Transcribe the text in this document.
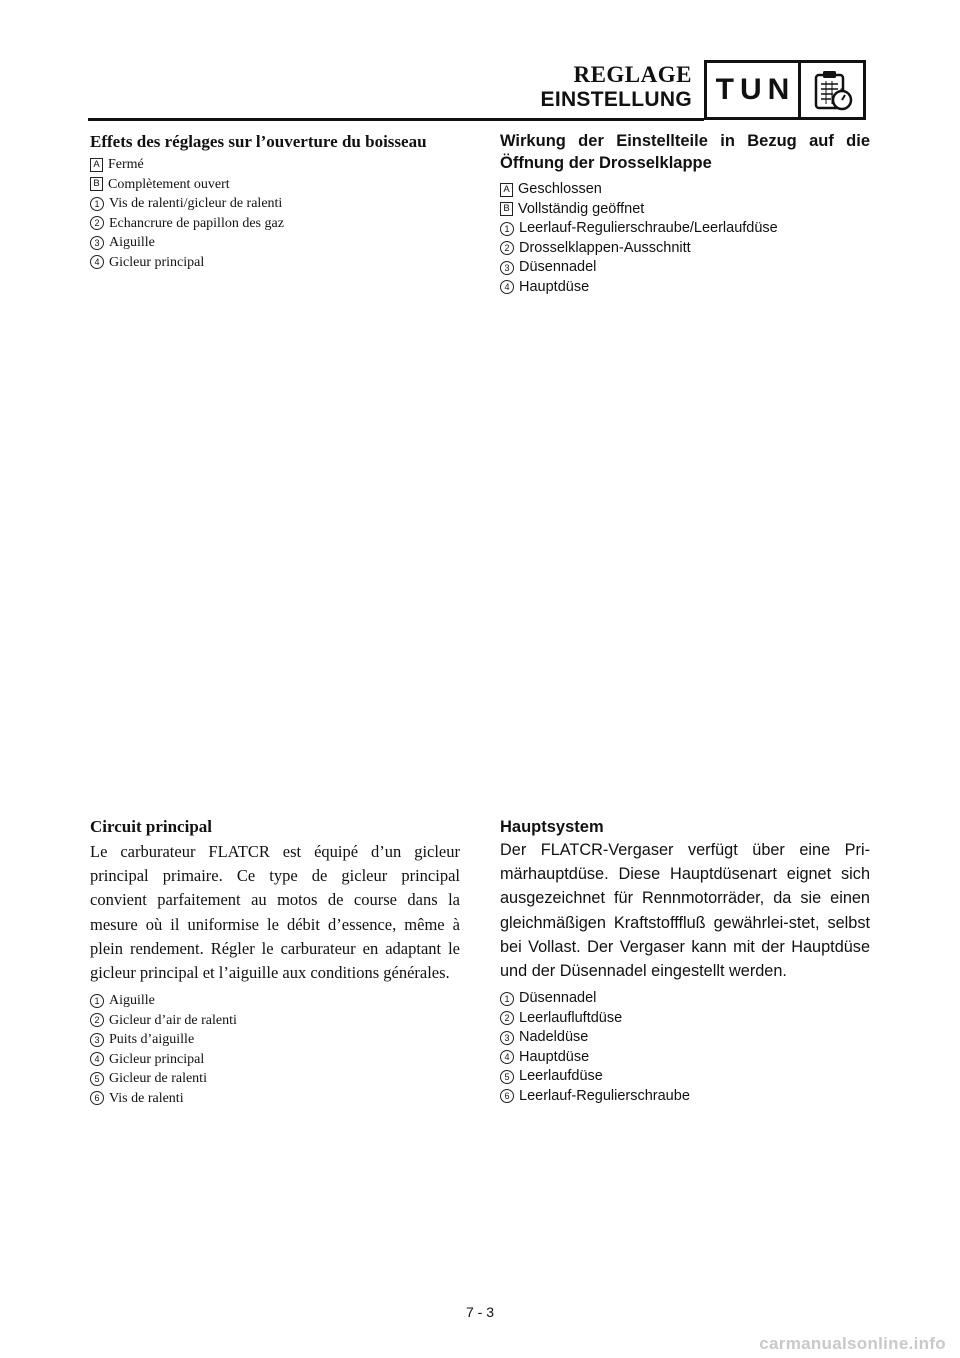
REGLAGE
EINSTELLUNG TUN
Effets des réglages sur l’ouverture du boisseau
A Fermé
B Complètement ouvert
1 Vis de ralenti/gicleur de ralenti
2 Echancrure de papillon des gaz
3 Aiguille
4 Gicleur principal
Wirkung der Einstellteile in Bezug auf die Öffnung der Drosselklappe
A Geschlossen
B Vollständig geöffnet
1 Leerlauf-Regulierschraube/Leerlaufdüse
2 Drosselklappen-Ausschnitt
3 Düsennadel
4 Hauptdüse
Circuit principal

Le carburateur FLATCR est équipé d’un gicleur principal primaire. Ce type de gicleur principal convient parfaitement au motos de course dans la mesure où il uniformise le débit d’essence, même à plein rendement. Régler le carburateur en adaptant le gicleur principal et l’aiguille aux conditions générales.

1 Aiguille
2 Gicleur d’air de ralenti
3 Puits d’aiguille
4 Gicleur principal
5 Gicleur de ralenti
6 Vis de ralenti
Hauptsystem

Der FLATCR-Vergaser verfügt über eine Pri-märhauptdüse. Diese Hauptdüsenart eignet sich ausgezeichnet für Rennmotorräder, da sie einen gleichmäßigen Kraftstofffluß gewährlei-stet, selbst bei Vollast. Der Vergaser kann mit der Hauptdüse und der Düsennadel eingestellt werden.

1 Düsennadel
2 Leerlaufluftdüse
3 Nadeldüse
4 Hauptdüse
5 Leerlaufdüse
6 Leerlauf-Regulierschraube
7 - 3
carmanualsonline.info
